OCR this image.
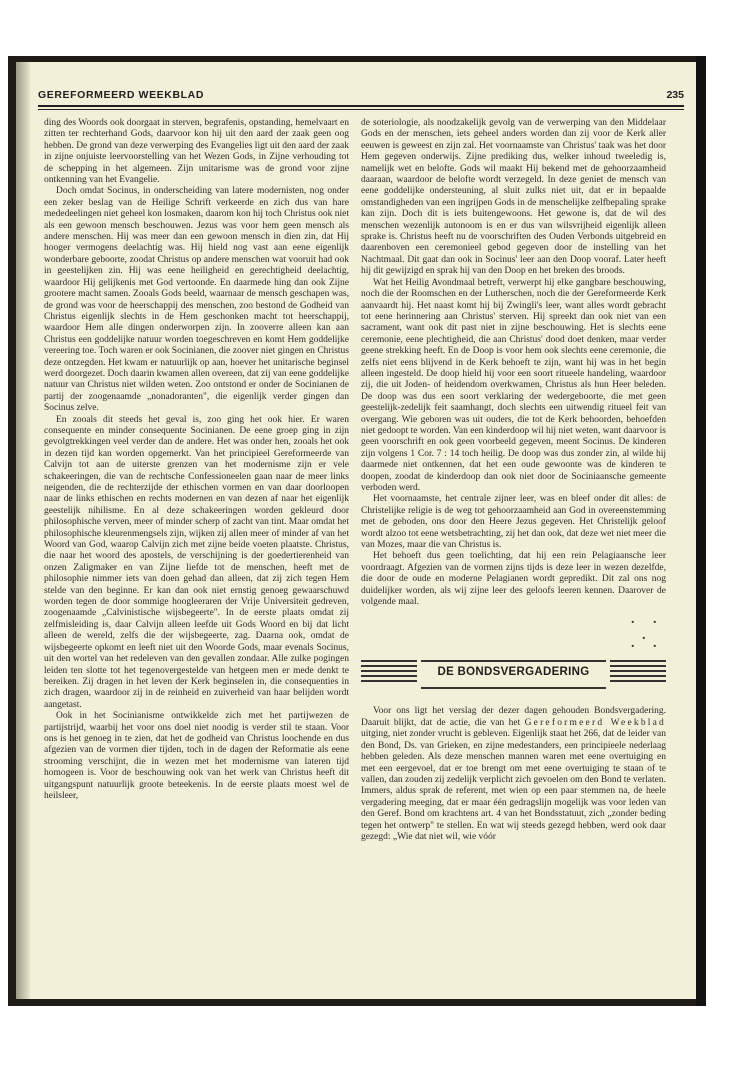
GEREFORMEERD WEEKBLAD	235

ding des Woords ook doorgaat in sterven, begrafenis, opstanding, hemelvaart en zitten ter rechterhand Gods, daarvoor kon hij uit den aard der zaak geen oog hebben. De grond van deze verwerping des Evangelies ligt uit den aard der zaak in zijne onjuiste leervoorstelling van het Wezen Gods, in Zijne verhouding tot de schepping in het algemeen. Zijn unitarisme was de grond voor zijne ontkenning van het Evangelie.

Doch omdat Socinus, in onderscheiding van latere modernisten, nog onder een zeker beslag van de Heilige Schrift verkeerde en zich dus van hare mededeelingen niet geheel kon losmaken, daarom kon hij toch Christus ook niet als een gewoon mensch beschouwen. Jezus was voor hem geen mensch als andere menschen. Hij was meer dan een gewoon mensch in dien zin, dat Hij hooger vermogens deelachtig was. Hij hield nog vast aan eene eigenlijk wonderbare geboorte, zoodat Christus op andere menschen wat vooruit had ook in geestelijken zin. Hij was eene heiligheid en gerechtigheid deelachtig, waardoor Hij gelijkenis met God vertoonde. En daarmede hing dan ook Zijne grootere macht samen. Zooals Gods beeld, waarnaar de mensch geschapen was, de grond was voor de heerschappij des menschen, zoo bestond de Godheid van Christus eigenlijk slechts in de Hem geschonken macht tot heerschappij, waardoor Hem alle dingen onderworpen zijn. In zooverre alleen kan aan Christus een goddelijke natuur worden toegeschreven en komt Hem goddelijke vereering toe. Toch waren er ook Socinianen, die zoover niet gingen en Christus deze ontzegden. Het kwam er natuurlijk op aan, hoever het unitarische beginsel werd doorgezet. Doch daarin kwamen allen overeen, dat zij van eene goddelijke natuur van Christus niet wilden weten. Zoo ontstond er onder de Socinianen de partij der zoogenaamde „nonadoranten", die eigenlijk verder gingen dan Socinus zelve.

En zooals dit steeds het geval is, zoo ging het ook hier. Er waren consequente en minder consequente Socinianen. De eene groep ging in zijn gevolgtrekkingen veel verder dan de andere. Het was onder hen, zooals het ook in dezen tijd kan worden opgemerkt. Van het principieel Gereformeerde van Calvijn tot aan de uiterste grenzen van het modernisme zijn er vele schakeeringen, die van de rechtsche Confessioneelen gaan naar de meer links neigenden, die de rechterzijde der ethischen vormen en van daar doorloopen naar de links ethischen en rechts modernen en van dezen af naar het eigenlijk geestelijk nihilisme. En al deze schakeeringen worden gekleurd door philosophische verven, meer of minder scherp of zacht van tint. Maar omdat het philosophische kleurenmengsels zijn, wijken zij allen meer of minder af van het Woord van God, waarop Calvijn zich met zijne beide voeten plaatste. Christus, die naar het woord des apostels, de verschijning is der goedertierenheid van onzen Zaligmaker en van Zijne liefde tot de menschen, heeft met de philosophie nimmer iets van doen gehad dan alleen, dat zij zich tegen Hem stelde van den beginne. Er kan dan ook niet ernstig genoeg gewaarschuwd worden tegen de door sommige hoogleeraren der Vrije Universiteit gedreven, zoogenaamde „Calvinistische wijsbegeerte". In de eerste plaats omdat zij zelfmisleiding is, daar Calvijn alleen leefde uit Gods Woord en bij dat licht alleen de wereld, zelfs die der wijsbegeerte, zag. Daarna ook, omdat de wijsbegeerte opkomt en leeft niet uit den Woorde Gods, maar evenals Socinus, uit den wortel van het redeleven van den gevallen zondaar. Alle zulke pogingen leiden ten slotte tot het tegenovergestelde van hetgeen men er mede denkt te bereiken. Zij dragen in het leven der Kerk beginselen in, die consequenties in zich dragen, waardoor zij in de reinheid en zuiverheid van haar belijden wordt aangetast.

Ook in het Socinianisme ontwikkelde zich met het partijwezen de partijstrijd, waarbij het voor ons doel niet noodig is verder stil te staan. Voor ons is het genoeg in te zien, dat het de godheid van Christus loochende en dus afgezien van de vormen dier tijden, toch in de dagen der Reformatie als eene strooming verschijnt, die in wezen met het modernisme van lateren tijd homogeen is. Voor de beschouwing ook van het werk van Christus heeft dit uitgangspunt natuurlijk groote beteekenis. In de eerste plaats moest wel de heilsleer,

de soteriologie, als noodzakelijk gevolg van de verwerping van den Middelaar Gods en der menschen, iets geheel anders worden dan zij voor de Kerk aller eeuwen is geweest en zijn zal. Het voornaamste van Christus' taak was het door Hem gegeven onderwijs. Zijne prediking dus, welker inhoud tweeledig is, namelijk wet en belofte. Gods wil maakt Hij bekend met de gehoorzaamheid daaraan, waardoor de belofte wordt verzegeld. In deze geniet de mensch van eene goddelijke ondersteuning, al sluit zulks niet uit, dat er in bepaalde omstandigheden van een ingrijpen Gods in de menschelijke zelfbepaling sprake kan zijn. Doch dit is iets buitengewoons. Het gewone is, dat de wil des menschen wezenlijk autonoom is en er dus van wilsvrijheid eigenlijk alleen sprake is. Christus heeft nu de voorschriften des Ouden Verbonds uitgebreid en daarenboven een ceremonieel gebod gegeven door de instelling van het Nachtmaal. Dit gaat dan ook in Socinus' leer aan den Doop vooraf. Later heeft hij dit gewijzigd en sprak hij van den Doop en het breken des broods.

Wat het Heilig Avondmaal betreft, verwerpt hij elke gangbare beschouwing, noch die der Roomschen en der Lutherschen, noch die der Gereformeerde Kerk aanvaardt hij. Het naast komt hij bij Zwingli's leer, want alles wordt gebracht tot eene herinnering aan Christus' sterven. Hij spreekt dan ook niet van een sacrament, want ook dit past niet in zijne beschouwing. Het is slechts eene ceremonie, eene plechtigheid, die aan Christus' dood doet denken, maar verder geene strekking heeft. En de Doop is voor hem ook slechts eene ceremonie, die zelfs niet eens blijvend in de Kerk behoeft te zijn, want hij was in het begin alleen ingesteld. De doop hield hij voor een soort ritueele handeling, waardoor zij, die uit Joden- of heidendom overkwamen, Christus als hun Heer beleden. De doop was dus een soort verklaring der wedergeboorte, die met geen geestelijk-zedelijk feit saamhangt, doch slechts een uitwendig ritueel feit van overgang. Wie geboren was uit ouders, die tot de Kerk behoorden, behoefden niet gedoopt te worden. Van een kinderdoop wil hij niet weten, want daarvoor is geen voorschrift en ook geen voorbeeld gegeven, meent Socinus. De kinderen zijn volgens 1 Cor. 7 : 14 toch heilig. De doop was dus zonder zin, al wilde hij daarmede niet ontkennen, dat het een oude gewoonte was de kinderen te doopen, zoodat de kinderdoop dan ook niet door de Sociniaansche gemeente verboden werd.

Het voornaamste, het centrale zijner leer, was en bleef onder dit alles: de Christelijke religie is de weg tot gehoorzaamheid aan God in overeenstemming met de geboden, ons door den Heere Jezus gegeven. Het Christelijk geloof wordt alzoo tot eene wetsbetrachting, zij het dan ook, dat deze wet niet meer die van Mozes, maar die van Christus is.

Het behoeft dus geen toelichting, dat hij een rein Pelagiaansche leer voordraagt. Afgezien van de vormen zijns tijds is deze leer in wezen dezelfde, die door de oude en moderne Pelagianen wordt gepredikt. Dit zal ons nog duidelijker worden, als wij zijne leer des geloofs leeren kennen. Daarover de volgende maal.

. .
.
. .
DE BONDSVERGADERING

Voor ons ligt het verslag der dezer dagen gehouden Bondsvergadering. Daaruit blijkt, dat de actie, die van het Gereformeerd Weekblad uitging, niet zonder vrucht is gebleven. Eigenlijk staat het 266, dat de leider van den Bond, Ds. van Grieken, en zijne medestanders, een principieele nederlaag hebben geleden. Als deze menschen mannen waren met eene overtuiging en met een eergevoel, dat er toe brengt om met eene overtuiging te staan of te vallen, dan zouden zij zedelijk verplicht zich gevoelen om den Bond te verlaten. Immers, aldus sprak de referent, met wien op een paar stemmen na, de heele vergadering meeging, dat er maar één gedragslijn mogelijk was voor leden van den Geref. Bond om krachtens art. 4 van het Bondsstatuut, zich „zonder beding tegen het ontwerp" te stellen. En wat wij steeds gezegd hebben, werd ook daar gezegd: „Wie dat niet wil, wie vóór
